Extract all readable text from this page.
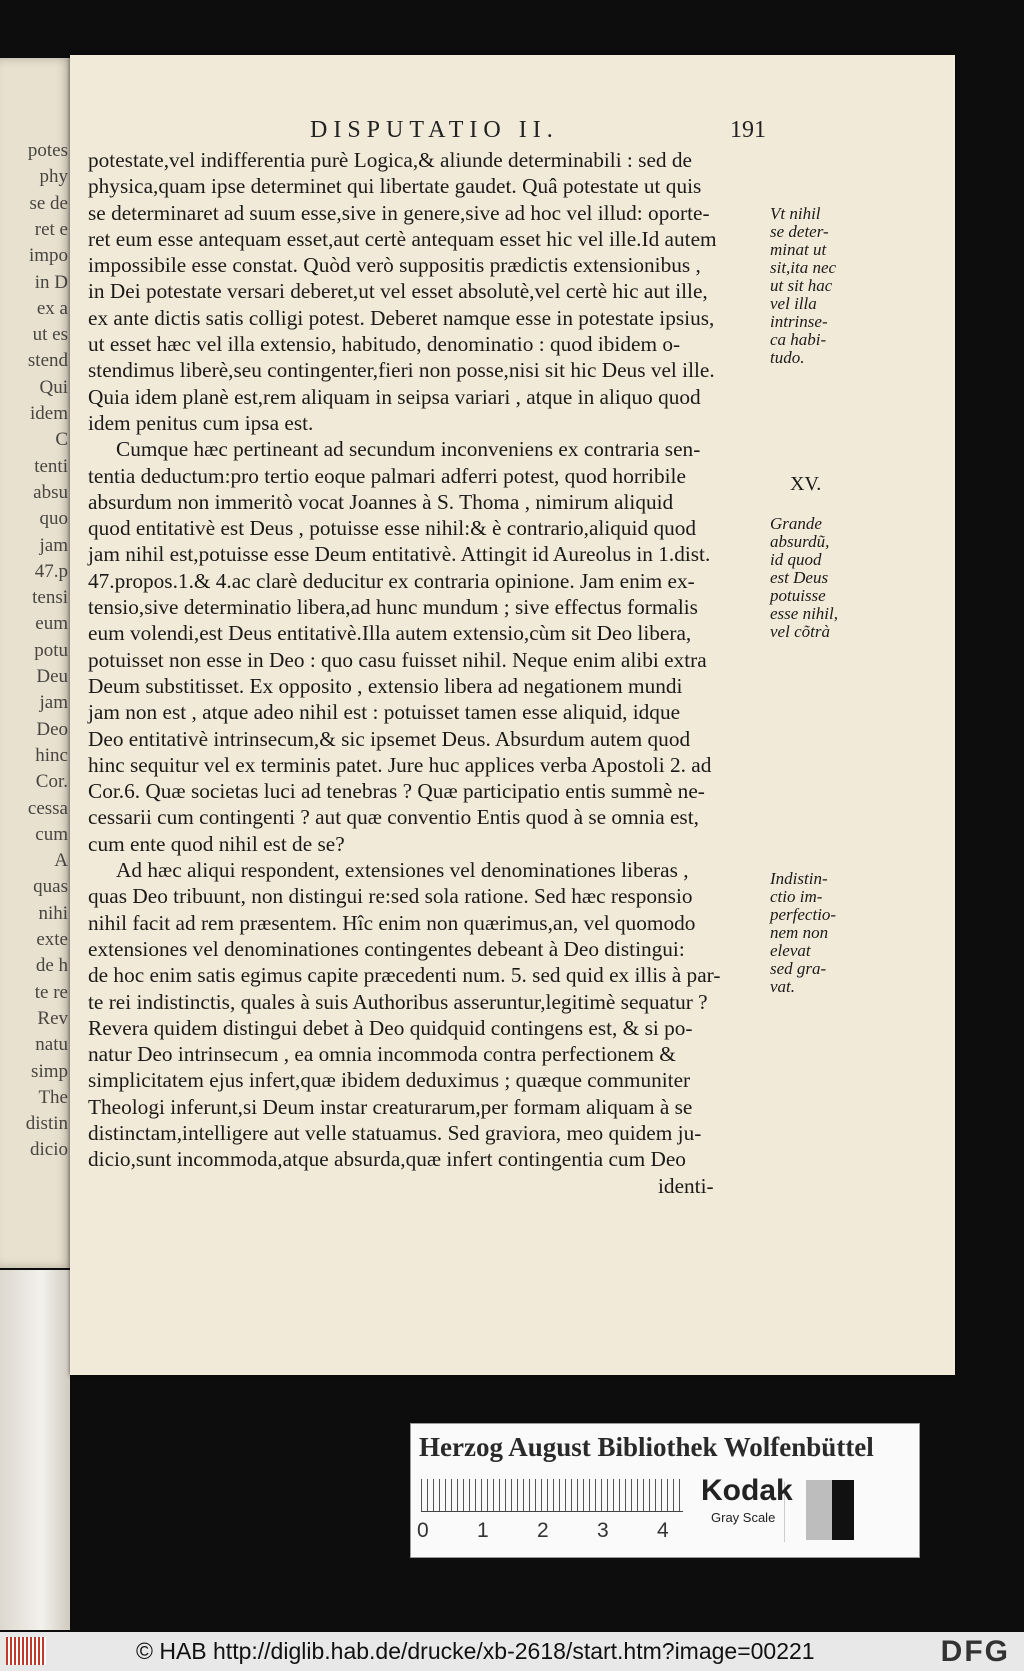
potes
phy
se de
ret e
impo
in D
ex a
ut es
stend
Qui
idem
C
tenti
absu
quo
jam
47.p
tensi
eum
potu
Deu
jam
Deo
hinc
Cor.
cessa
cum
A
quas
nihi
exte
de h
te re
Rev
natu
simp
The
distin
dicio
DISPUTATIO II.	191
potestate,vel indifferentia purè Logica,& aliunde determinabili : sed de
physica,quam ipse determinet qui libertate gaudet. Quâ potestate ut quis
se determinaret ad suum esse,sive in genere,sive ad hoc vel illud: oporte-
ret eum esse antequam esset,aut certè antequam esset hic vel ille.Id autem
impossibile esse constat. Quòd verò suppositis prædictis extensionibus ,
in Dei potestate versari deberet,ut vel esset absolutè,vel certè hic aut ille,
ex ante dictis satis colligi potest. Deberet namque esse in potestate ipsius,
ut esset hæc vel illa extensio, habitudo, denominatio : quod ibidem o-
stendimus liberè,seu contingenter,fieri non posse,nisi sit hic Deus vel ille.
Quia idem planè est,rem aliquam in seipsa variari , atque in aliquo quod
idem penitus cum ipsa est.
Cumque hæc pertineant ad secundum inconveniens ex contraria sen-
tentia deductum:pro tertio eoque palmari adferri potest, quod horribile
absurdum non immeritò vocat Joannes à S. Thoma , nimirum aliquid
quod entitativè est Deus , potuisse esse nihil:& è contrario,aliquid quod
jam nihil est,potuisse esse Deum entitativè. Attingit id Aureolus in 1.dist.
47.propos.1.& 4.ac clarè deducitur ex contraria opinione. Jam enim ex-
tensio,sive determinatio libera,ad hunc mundum ; sive effectus formalis
eum volendi,est Deus entitativè.Illa autem extensio,cùm sit Deo libera,
potuisset non esse in Deo : quo casu fuisset nihil. Neque enim alibi extra
Deum substitisset. Ex opposito , extensio libera ad negationem mundi
jam non est , atque adeo nihil est : potuisset tamen esse aliquid, idque
Deo entitativè intrinsecum,& sic ipsemet Deus. Absurdum autem quod
hinc sequitur vel ex terminis patet. Jure huc applices verba Apostoli 2. ad
Cor.6. Quæ societas luci ad tenebras ? Quæ participatio entis summè ne-
cessarii cum contingenti ? aut quæ conventio Entis quod à se omnia est,
cum ente quod nihil est de se?
Ad hæc aliqui respondent, extensiones vel denominationes liberas ,
quas Deo tribuunt, non distingui re:sed sola ratione. Sed hæc responsio
nihil facit ad rem præsentem. Hîc enim non quærimus,an, vel quomodo
extensiones vel denominationes contingentes debeant à Deo distingui:
de hoc enim satis egimus capite præcedenti num. 5. sed quid ex illis à par-
te rei indistinctis, quales à suis Authoribus asseruntur,legitimè sequatur ?
Revera quidem distingui debet à Deo quidquid contingens est, & si po-
natur Deo intrinsecum , ea omnia incommoda contra perfectionem &
simplicitatem ejus infert,quæ ibidem deduximus ; quæque communiter
Theologi inferunt,si Deum instar creaturarum,per formam aliquam à se
distinctam,intelligere aut velle statuamus. Sed graviora, meo quidem ju-
dicio,sunt incommoda,atque absurda,quæ infert contingentia cum Deo
identi-
Vt nihil
se deter-
minat ut
sit,ita nec
ut sit hac
vel illa
intrinse-
ca habi-
tudo.
XV.
Grande
absurdũ,
id quod
est Deus
potuisse
esse nihil,
vel cõtrà
Indistin-
ctio im-
perfectio-
nem non
elevat
sed gra-
vat.
Herzog August Bibliothek Wolfenbüttel
0 1 2 3 4
Kodak
Gray Scale
© HAB http://diglib.hab.de/drucke/xb-2618/start.htm?image=00221	DFG
